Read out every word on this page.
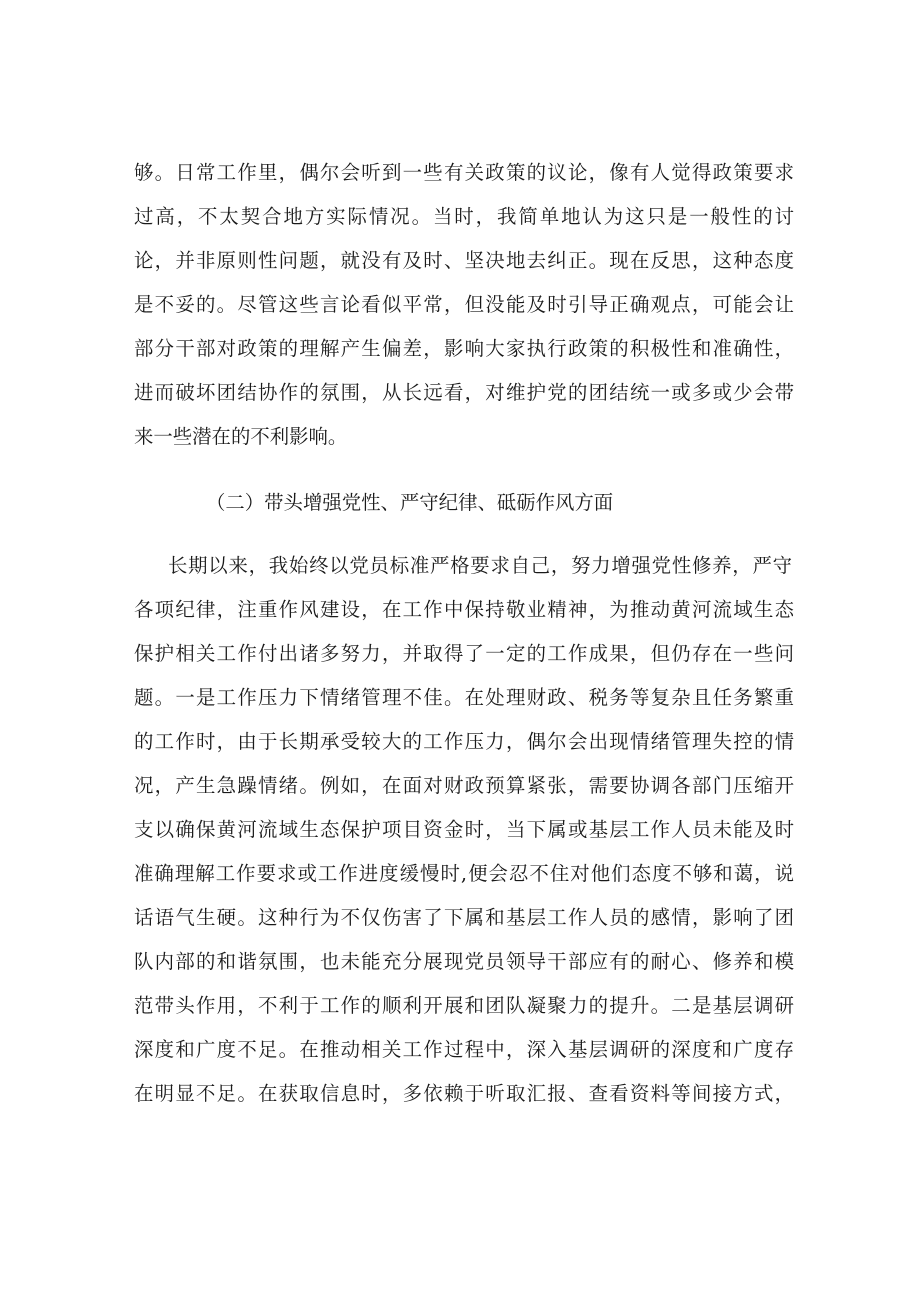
够。日常工作里，偶尔会听到一些有关政策的议论，像有人觉得政策要求
过高，不太契合地方实际情况。当时，我简单地认为这只是一般性的讨
论，并非原则性问题，就没有及时、坚决地去纠正。现在反思，这种态度
是不妥的。尽管这些言论看似平常，但没能及时引导正确观点，可能会让
部分干部对政策的理解产生偏差，影响大家执行政策的积极性和准确性，
进而破坏团结协作的氛围，从长远看，对维护党的团结统一或多或少会带
来一些潜在的不利影响。
（二）带头增强党性、严守纪律、砥砺作风方面
长期以来，我始终以党员标准严格要求自己，努力增强党性修养，严守
各项纪律，注重作风建设，在工作中保持敬业精神，为推动黄河流域生态
保护相关工作付出诸多努力，并取得了一定的工作成果，但仍存在一些问
题。一是工作压力下情绪管理不佳。在处理财政、税务等复杂且任务繁重
的工作时，由于长期承受较大的工作压力，偶尔会出现情绪管理失控的情
况，产生急躁情绪。例如，在面对财政预算紧张，需要协调各部门压缩开
支以确保黄河流域生态保护项目资金时，当下属或基层工作人员未能及时
准确理解工作要求或工作进度缓慢时,便会忍不住对他们态度不够和蔼，说
话语气生硬。这种行为不仅伤害了下属和基层工作人员的感情，影响了团
队内部的和谐氛围，也未能充分展现党员领导干部应有的耐心、修养和模
范带头作用，不利于工作的顺利开展和团队凝聚力的提升。二是基层调研
深度和广度不足。在推动相关工作过程中，深入基层调研的深度和广度存
在明显不足。在获取信息时，多依赖于听取汇报、查看资料等间接方式，
